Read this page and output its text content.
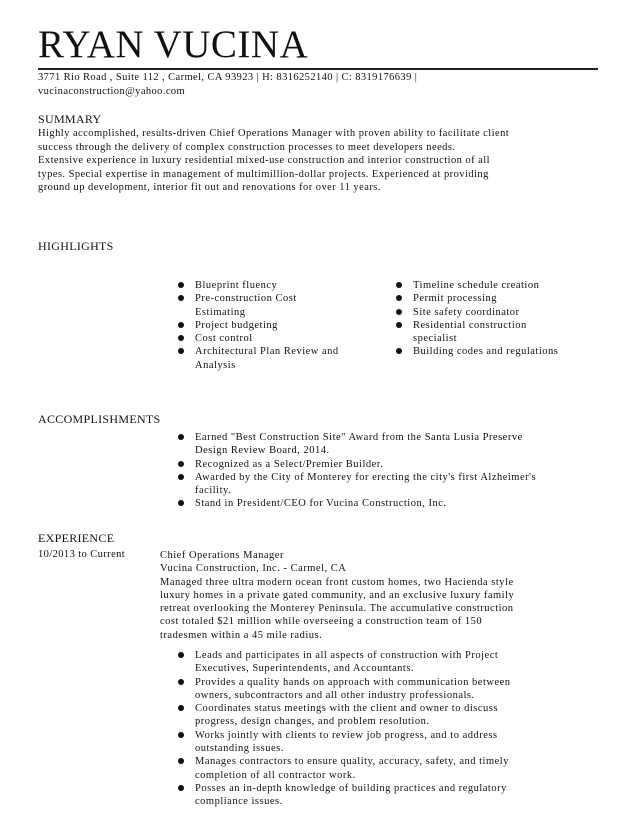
RYAN VUCINA
3771 Rio Road , Suite 112 , Carmel, CA 93923 | H: 8316252140 | C: 8319176639 |
vucinaconstruction@yahoo.com
SUMMARY
Highly accomplished, results-driven Chief Operations Manager with proven ability to facilitate client
success through the delivery of complex construction processes to meet developers needs.
Extensive experience in luxury residential mixed-use construction and interior construction of all
types. Special expertise in management of multimillion-dollar projects. Experienced at providing
ground up development, interior fit out and renovations for over 11 years.
HIGHLIGHTS
Blueprint fluency
Pre-construction Cost
Estimating
Project budgeting
Cost control
Architectural Plan Review and
Analysis
Timeline schedule creation
Permit processing
Site safety coordinator
Residential construction
specialist
Building codes and regulations
ACCOMPLISHMENTS
Earned "Best Construction Site" Award from the Santa Lusia Preserve
Design Review Board, 2014.
Recognized as a Select/Premier Builder.
Awarded by the City of Monterey for erecting the city's first Alzheimer's
facility.
Stand in President/CEO for Vucina Construction, Inc.
EXPERIENCE
10/2013 to Current	Chief Operations Manager
Vucina Construction, Inc. - Carmel, CA
Managed three ultra modern ocean front custom homes, two Hacienda style
luxury homes in a private gated community, and an exclusive luxury family
retreat overlooking the Monterey Peninsula. The accumulative construction
cost totaled $21 million while overseeing a construction team of 150
tradesmen within a 45 mile radius.
Leads and participates in all aspects of construction with Project
Executives, Superintendents, and Accountants.
Provides a quality hands on approach with communication between
owners, subcontractors and all other industry professionals.
Coordinates status meetings with the client and owner to discuss
progress, design changes, and problem resolution.
Works jointly with clients to review job progress, and to address
outstanding issues.
Manages contractors to ensure quality, accuracy, safety, and timely
completion of all contractor work.
Posses an in-depth knowledge of building practices and regulatory
compliance issues.
